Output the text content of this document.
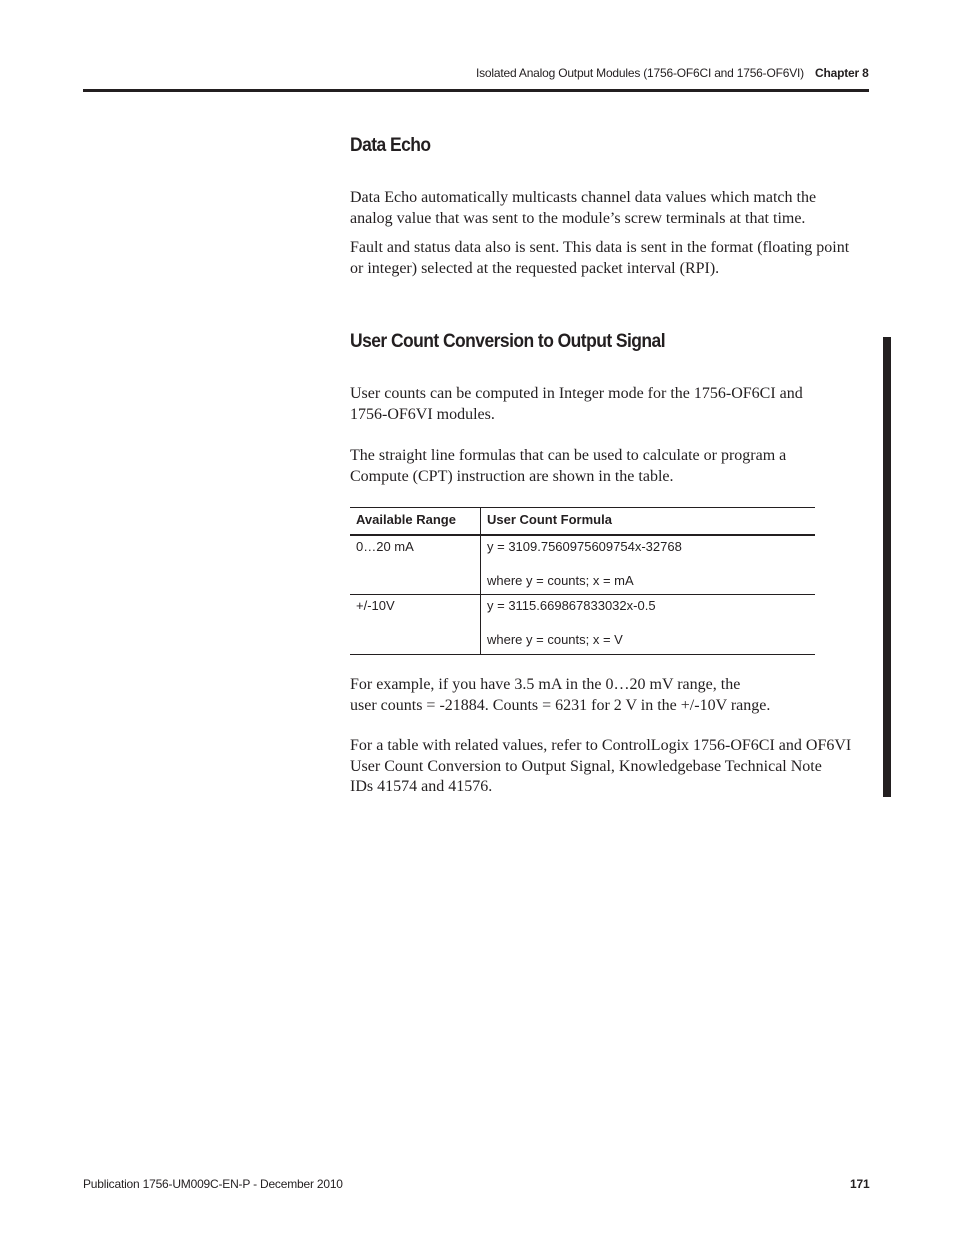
Isolated Analog Output Modules (1756-OF6CI and 1756-OF6VI) Chapter 8
Data Echo

Data Echo automatically multicasts channel data values which match the
analog value that was sent to the module’s screw terminals at that time.

Fault and status data also is sent. This data is sent in the format (floating point
or integer) selected at the requested packet interval (RPI).

User Count Conversion to Output Signal

User counts can be computed in Integer mode for the 1756-OF6CI and
1756-OF6VI modules.

The straight line formulas that can be used to calculate or program a
Compute (CPT) instruction are shown in the table.

Available Range	User Count Formula

0…20 mA	y = 3109.7560975609754x-32768
where y = counts; x = mA

+/-10V	y = 3115.669867833032x-0.5
where y = counts; x = V

For example, if you have 3.5 mA in the 0…20 mV range, the
user counts = -21884. Counts = 6231 for 2 V in the +/-10V range.

For a table with related values, refer to ControlLogix 1756-OF6CI and OF6VI
User Count Conversion to Output Signal, Knowledgebase Technical Note
IDs 41574 and 41576.

Publication 1756-UM009C-EN-P - December 2010	171
